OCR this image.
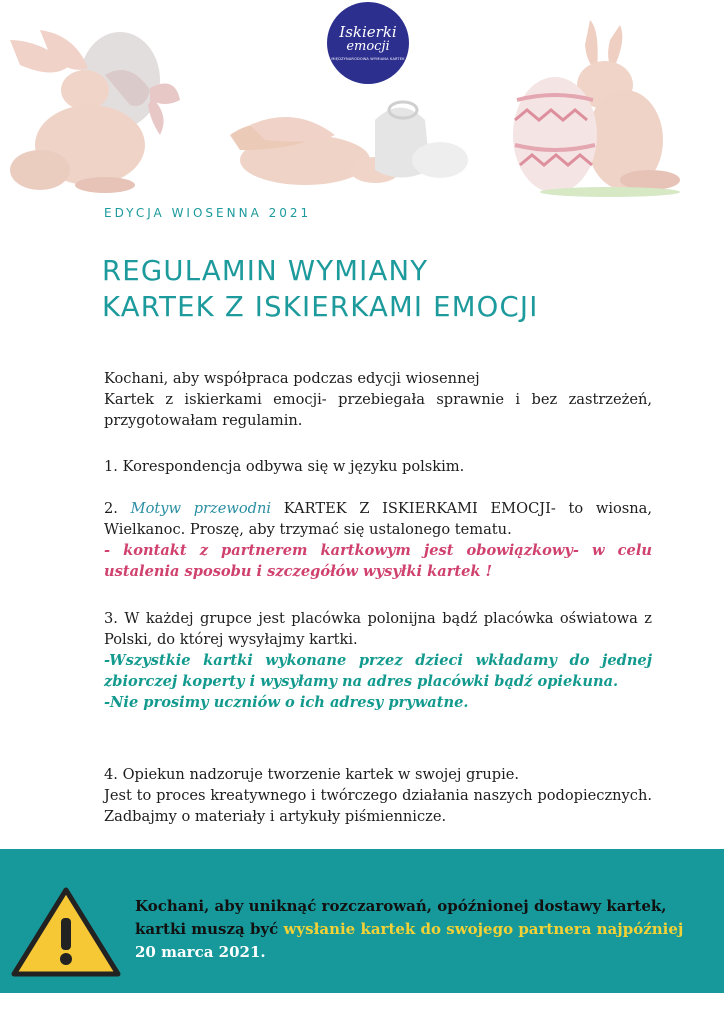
Iskierki
emocji
MIĘDZYNARODOWA WYMIANA KARTEK
EDYCJA WIOSENNA 2021
REGULAMIN WYMIANY
KARTEK Z ISKIERKAMI EMOCJI

Kochani, aby współpraca podczas edycji wiosennej

Kartek z iskierkami emocji- przebiegała sprawnie i bez zastrzeżeń, przygotowałam regulamin.

1. Korespondencja odbywa się w języku polskim.

2. Motyw przewodni KARTEK Z ISKIERKAMI EMOCJI- to wiosna, Wielkanoc. Proszę, aby trzymać się ustalonego tematu.

- kontakt z partnerem kartkowym jest obowiązkowy- w celu ustalenia sposobu i szczegółów wysyłki kartek !

3. W każdej grupce jest placówka polonijna bądź placówka oświatowa z Polski, do której wysyłajmy kartki.

-Wszystkie kartki wykonane przez dzieci wkładamy do jednej zbiorczej koperty i wysyłamy na adres placówki bądź opiekuna.

-Nie prosimy uczniów o ich adresy prywatne.

4. Opiekun nadzoruje tworzenie kartek w swojej grupie.

Jest to proces kreatywnego i twórczego działania naszych podopiecznych. Zadbajmy o materiały i artykuły piśmiennicze.

Kochani, aby uniknąć rozczarowań, opóźnionej dostawy kartek, kartki muszą być wysłanie kartek do swojego partnera najpóźniej 20 marca 2021.
